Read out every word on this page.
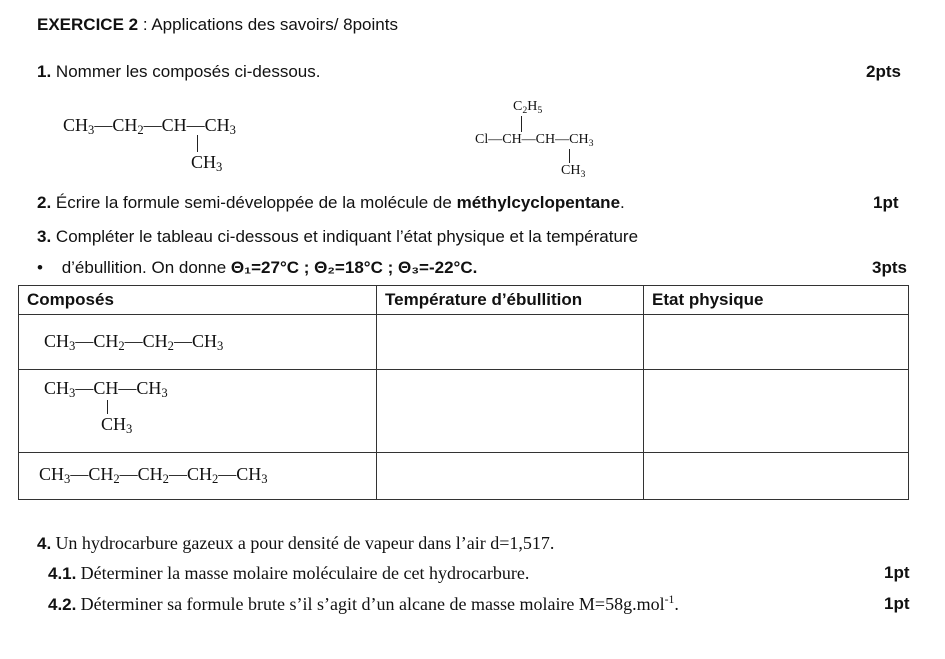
EXERCICE 2 : Applications des savoirs/ 8points
1. Nommer les composés ci-dessous.	2pts
$CH_3—CH_2—CH—CH_3$
$CH_3$
$C_2H_5$
$Cl—CH—CH—CH_3$
$CH_3$
2. Écrire la formule semi-développée de la molécule de méthylcyclopentane.	1pt
3. Compléter le tableau ci-dessous et indiquant l’état physique et la température
• d’ébullition. On donne Θ₁=27°C ; Θ₂=18°C ; Θ₃=-22°C.	3pts
Composés	Température d’ébullition	Etat physique

$CH_3—CH_2—CH_2—CH_3$

$CH_3—CH—CH_3$
$CH_3$

$CH_3—CH_2—CH_2—CH_2—CH_3$

4. Un hydrocarbure gazeux a pour densité de vapeur dans l’air d=1,517.
4.1. Déterminer la masse molaire moléculaire de cet hydrocarbure.	1pt
4.2. Déterminer sa formule brute s’il s’agit d’un alcane de masse molaire M=58g.mol$^{-1}$.	1pt
